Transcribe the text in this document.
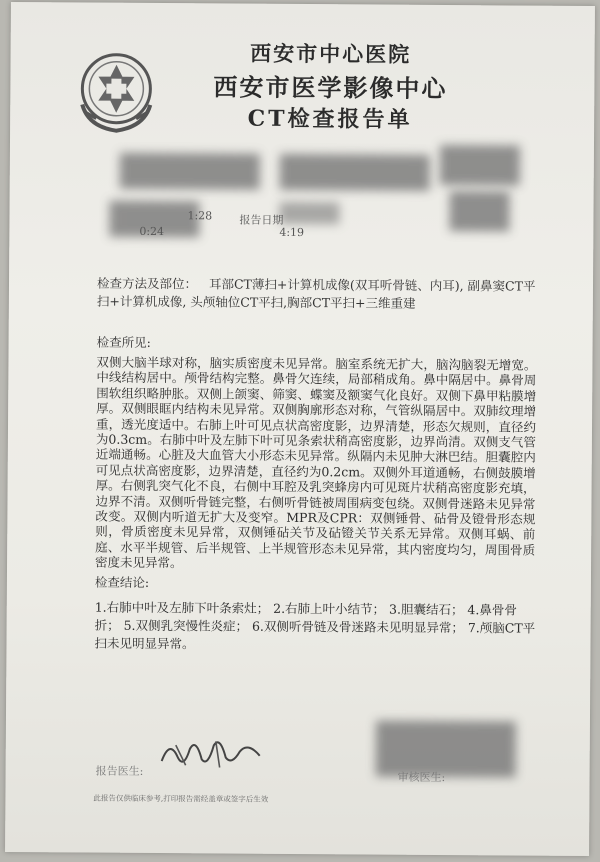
西安市中心医院
西安市医学影像中心
CT检查报告单
1:28
0:24
报告日期
4:19
检查方法及部位： 耳部CT薄扫+计算机成像(双耳听骨链、内耳), 副鼻窦CT平扫+计算机成像, 头颅轴位CT平扫,胸部CT平扫+三维重建
检查所见:
双侧大脑半球对称，脑实质密度未见异常。脑室系统无扩大，脑沟脑裂无增宽。中线结构居中。颅骨结构完整。鼻骨欠连续，局部稍成角。鼻中隔居中。鼻骨周围软组织略肿胀。双侧上颌窦、筛窦、蝶窦及额窦气化良好。双侧下鼻甲粘膜增厚。双侧眼眶内结构未见异常。双侧胸廓形态对称，气管纵隔居中。双肺纹理增重，透光度适中。右肺上叶可见点状高密度影，边界清楚，形态欠规则，直径约为0.3cm。右肺中叶及左肺下叶可见条索状稍高密度影，边界尚清。双侧支气管近端通畅。心脏及大血管大小形态未见异常。纵隔内未见肿大淋巴结。胆囊腔内可见点状高密度影，边界清楚，直径约为0.2cm。双侧外耳道通畅，右侧鼓膜增厚。右侧乳突气化不良，右侧中耳腔及乳突蜂房内可见斑片状稍高密度影充填，边界不清。双侧听骨链完整，右侧听骨链被周围病变包绕。双侧骨迷路未见异常改变。双侧内听道无扩大及变窄。MPR及CPR：双侧锤骨、砧骨及镫骨形态规则，骨质密度未见异常，双侧锤砧关节及砧镫关节关系无异常。双侧耳蜗、前庭、水平半规管、后半规管、上半规管形态未见异常，其内密度均匀，周围骨质密度未见异常。
检查结论:
1.右肺中叶及左肺下叶条索灶； 2.右肺上叶小结节； 3.胆囊结石； 4.鼻骨骨折； 5.双侧乳突慢性炎症； 6.双侧听骨链及骨迷路未见明显异常； 7.颅脑CT平扫未见明显异常。
报告医生:	审核医生:
此报告仅供临床参考,打印报告需经盖章或签字后生效
